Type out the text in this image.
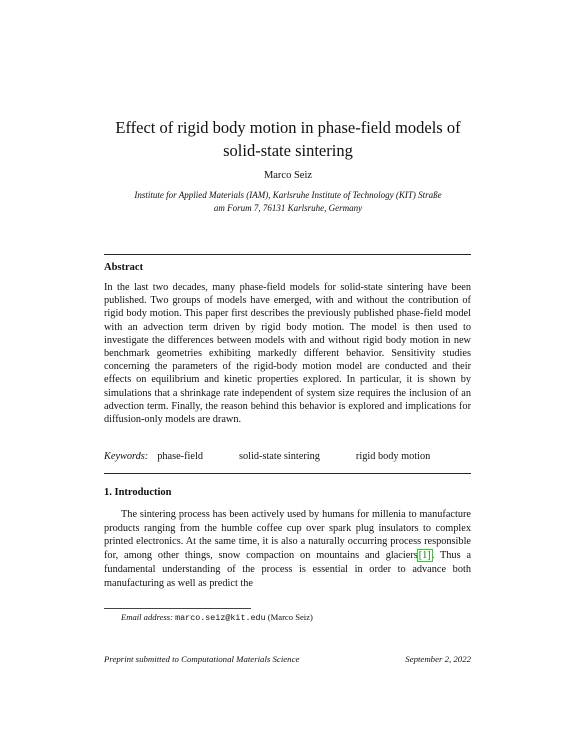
Effect of rigid body motion in phase-field models of
solid-state sintering
Marco Seiz
Institute for Applied Materials (IAM), Karlsruhe Institute of Technology (KIT) Straße
am Forum 7, 76131 Karlsruhe, Germany
Abstract
In the last two decades, many phase-field models for solid-state sintering have been published. Two groups of models have emerged, with and without the contribution of rigid body motion. This paper first describes the previously published phase-field model with an advection term driven by rigid body motion. The model is then used to investigate the differences between models with and without rigid body motion in new benchmark geometries exhibiting markedly different behavior. Sensitivity studies concerning the parameters of the rigid-body motion model are conducted and their effects on equilibrium and kinetic properties explored. In particular, it is shown by simulations that a shrinkage rate independent of system size requires the inclusion of an advection term. Finally, the reason behind this behavior is explored and implications for diffusion-only models are drawn.
Keywords: phase-field	solid-state sintering	rigid body motion
1. Introduction
The sintering process has been actively used by humans for millenia to manufacture products ranging from the humble coffee cup over spark plug insulators to complex printed electronics. At the same time, it is also a naturally occurring process responsible for, among other things, snow compaction on mountains and glaciers[1]. Thus a fundamental understanding of the process is essential in order to advance both manufacturing as well as predict the
Email address: marco.seiz@kit.edu (Marco Seiz)
Preprint submitted to Computational Materials Science	September 2, 2022
